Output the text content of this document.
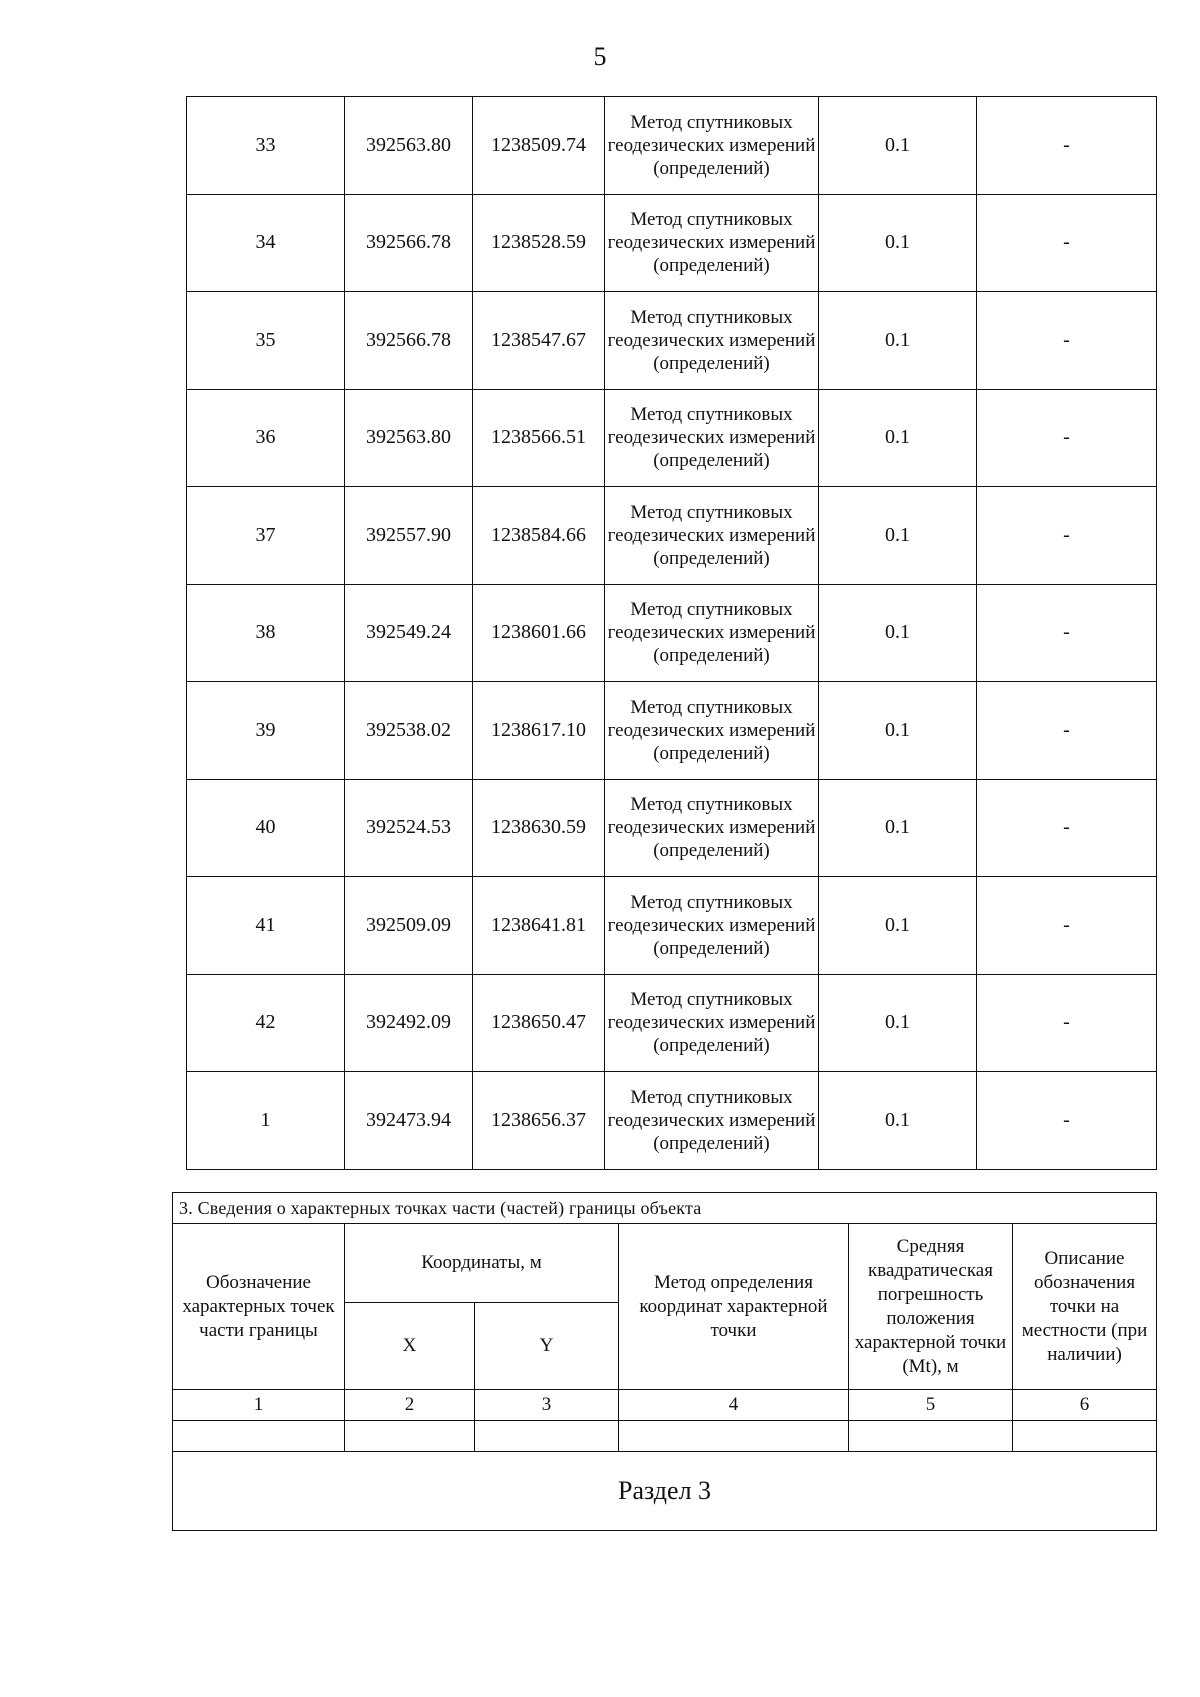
5
33	392563.80	1238509.74	Метод спутниковых геодезических измерений (определений)	0.1	-
34	392566.78	1238528.59	Метод спутниковых геодезических измерений (определений)	0.1	-
35	392566.78	1238547.67	Метод спутниковых геодезических измерений (определений)	0.1	-
36	392563.80	1238566.51	Метод спутниковых геодезических измерений (определений)	0.1	-
37	392557.90	1238584.66	Метод спутниковых геодезических измерений (определений)	0.1	-
38	392549.24	1238601.66	Метод спутниковых геодезических измерений (определений)	0.1	-
39	392538.02	1238617.10	Метод спутниковых геодезических измерений (определений)	0.1	-
40	392524.53	1238630.59	Метод спутниковых геодезических измерений (определений)	0.1	-
41	392509.09	1238641.81	Метод спутниковых геодезических измерений (определений)	0.1	-
42	392492.09	1238650.47	Метод спутниковых геодезических измерений (определений)	0.1	-
1	392473.94	1238656.37	Метод спутниковых геодезических измерений (определений)	0.1	-
3. Сведения о характерных точках части (частей) границы объекта					
Обозначение характерных точек части границы	Координаты, м		Метод определения координат характерной точки	Средняя квадратическая погрешность положения характерной точки (Mt), м	Описание обозначения точки на местности (при наличии)
	X	Y			
1	2	3	4	5	6

Раздел 3					
